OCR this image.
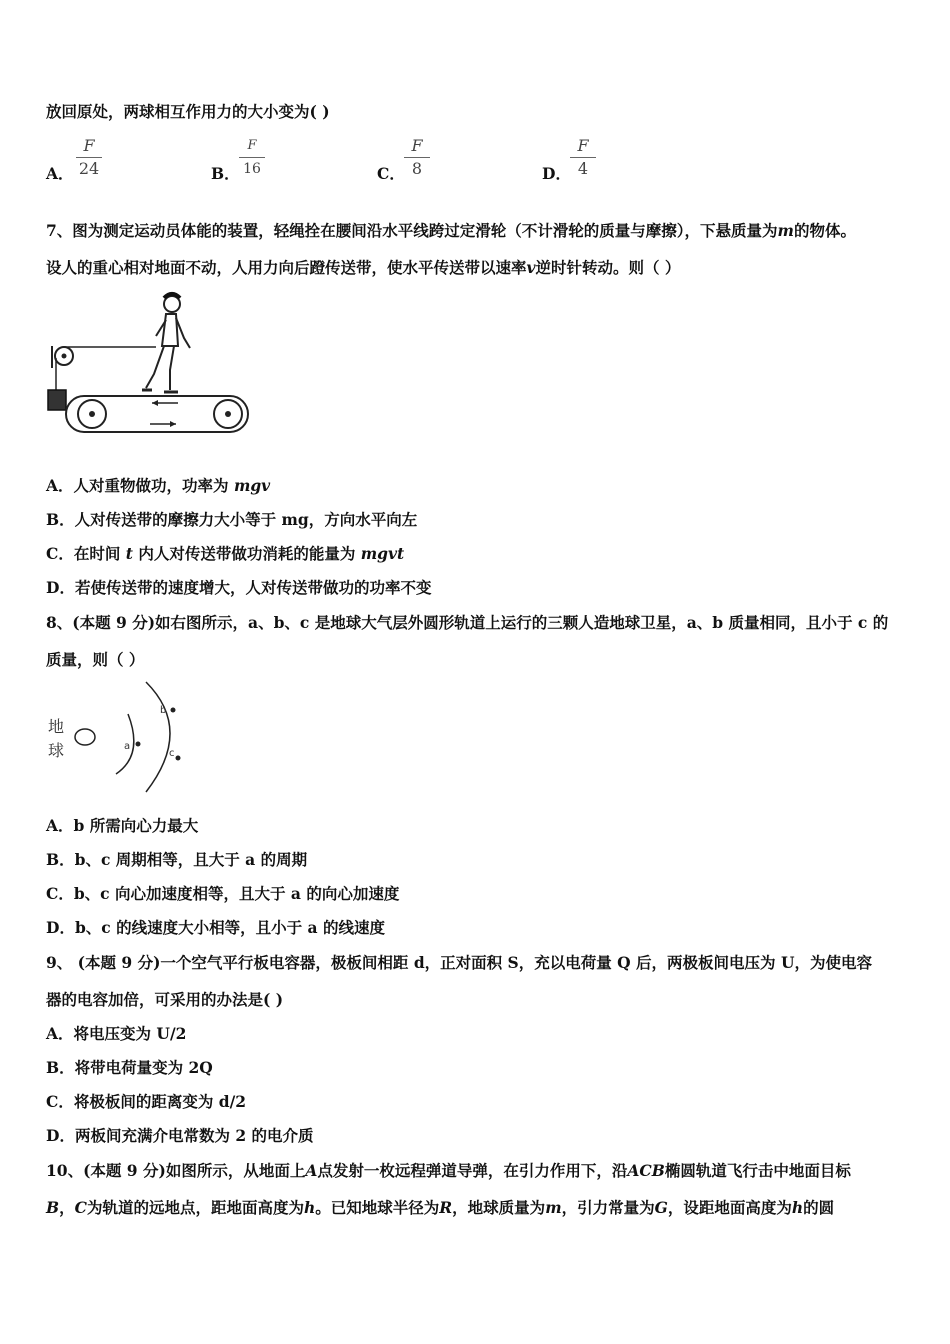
放回原处，两球相互作用力的大小变为( )
A．
F
24	B．
F
16	C．
F
8	D．
F
4
7、图为测定运动员体能的装置，轻绳拴在腰间沿水平线跨过定滑轮（不计滑轮的质量与摩擦），下悬质量为m的物体。
设人的重心相对地面不动，人用力向后蹬传送带，使水平传送带以速率v逆时针转动。则（ ）
A．人对重物做功，功率为 mgv
B．人对传送带的摩擦力大小等于 mg，方向水平向左
C．在时间 t 内人对传送带做功消耗的能量为 mgvt
D．若使传送带的速度增大，人对传送带做功的功率不变
8、(本题 9 分)如右图所示，a、b、c 是地球大气层外圆形轨道上运行的三颗人造地球卫星，a、b 质量相同，且小于 c 的
质量，则（ ）
地
球	a
b
c
A．b 所需向心力最大
B．b、c 周期相等，且大于 a 的周期
C．b、c 向心加速度相等，且大于 a 的向心加速度
D．b、c 的线速度大小相等，且小于 a 的线速度
9、 (本题 9 分)一个空气平行板电容器，极板间相距 d，正对面积 S，充以电荷量 Q 后，两极板间电压为 U，为使电容
器的电容加倍，可采用的办法是( )
A．将电压变为 U/2
B．将带电荷量变为 2Q
C．将极板间的距离变为 d/2
D．两板间充满介电常数为 2 的电介质
10、(本题 9 分)如图所示，从地面上A点发射一枚远程弹道导弹，在引力作用下，沿ACB椭圆轨道飞行击中地面目标
B，C为轨道的远地点，距地面高度为h。已知地球半径为R，地球质量为m，引力常量为G，设距地面高度为h的圆
